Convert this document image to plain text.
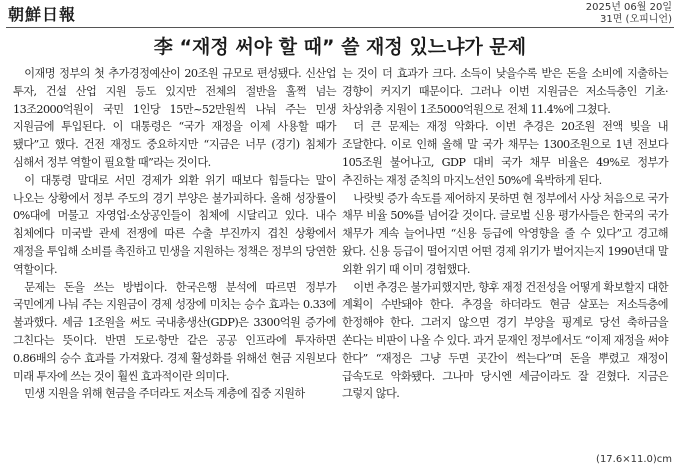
朝鮮日報	2025년 06월 20일
31면 (오피니언)
李 “재정 써야 할 때” 쓸 재정 있느냐가 문제

이재명 정부의 첫 추가경정예산이 20조원 규모로 편성됐다. 신산업 투자, 건설 산업 지원 등도 있지만 전체의 절반을 훌쩍 넘는 13조2000억원이 국민 1인당 15만~52만원씩 나눠 주는 민생 지원금에 투입된다. 이 대통령은 “국가 재정을 이제 사용할 때가 됐다”고 했다. 건전 재정도 중요하지만 “지금은 너무 (경기) 침체가 심해서 정부 역할이 필요할 때”라는 것이다.

이 대통령 말대로 서민 경제가 외환 위기 때보다 힘들다는 말이 나오는 상황에서 정부 주도의 경기 부양은 불가피하다. 올해 성장률이 0%대에 머물고 자영업·소상공인들이 침체에 시달리고 있다. 내수 침체에다 미국발 관세 전쟁에 따른 수출 부진까지 겹친 상황에서 재정을 투입해 소비를 촉진하고 민생을 지원하는 정책은 정부의 당연한 역할이다.

문제는 돈을 쓰는 방법이다. 한국은행 분석에 따르면 정부가 국민에게 나눠 주는 지원금이 경제 성장에 미치는 승수 효과는 0.33에 불과했다. 세금 1조원을 써도 국내총생산(GDP)은 3300억원 증가에 그친다는 뜻이다. 반면 도로·항만 같은 공공 인프라에 투자하면 0.86배의 승수 효과를 가져왔다. 경제 활성화를 위해선 현금 지원보다 미래 투자에 쓰는 것이 훨씬 효과적이란 의미다.

민생 지원을 위해 현금을 주더라도 저소득 계층에 집중 지원하

는 것이 더 효과가 크다. 소득이 낮을수록 받은 돈을 소비에 지출하는 경향이 커지기 때문이다. 그러나 이번 지원금은 저소득층인 기초·차상위층 지원이 1조5000억원으로 전체 11.4%에 그쳤다.

더 큰 문제는 재정 악화다. 이번 추경은 20조원 전액 빚을 내 조달한다. 이로 인해 올해 말 국가 채무는 1300조원으로 1년 전보다 105조원 불어나고, GDP 대비 국가 채무 비율은 49%로 정부가 추진하는 재정 준칙의 마지노선인 50%에 육박하게 된다.

나랏빚 증가 속도를 제어하지 못하면 현 정부에서 사상 처음으로 국가 채무 비율 50%를 넘어갈 것이다. 글로벌 신용 평가사들은 한국의 국가 채무가 계속 늘어나면 “신용 등급에 악영향을 줄 수 있다”고 경고해 왔다. 신용 등급이 떨어지면 어떤 경제 위기가 벌어지는지 1990년대 말 외환 위기 때 이미 경험했다.

이번 추경은 불가피했지만, 향후 재정 건전성을 어떻게 확보할지 대한 계획이 수반돼야 한다. 추경을 하더라도 현금 살포는 저소득층에 한정해야 한다. 그러지 않으면 경기 부양을 핑계로 당선 축하금을 쏜다는 비판이 나올 수 있다. 과거 문재인 정부에서도 “이제 재정을 써야 한다” “재정은 그냥 두면 곳간이 썩는다”며 돈을 뿌렸고 재정이 급속도로 악화됐다. 그나마 당시엔 세금이라도 잘 걷혔다. 지금은 그렇지 않다.

(17.6×11.0)cm
